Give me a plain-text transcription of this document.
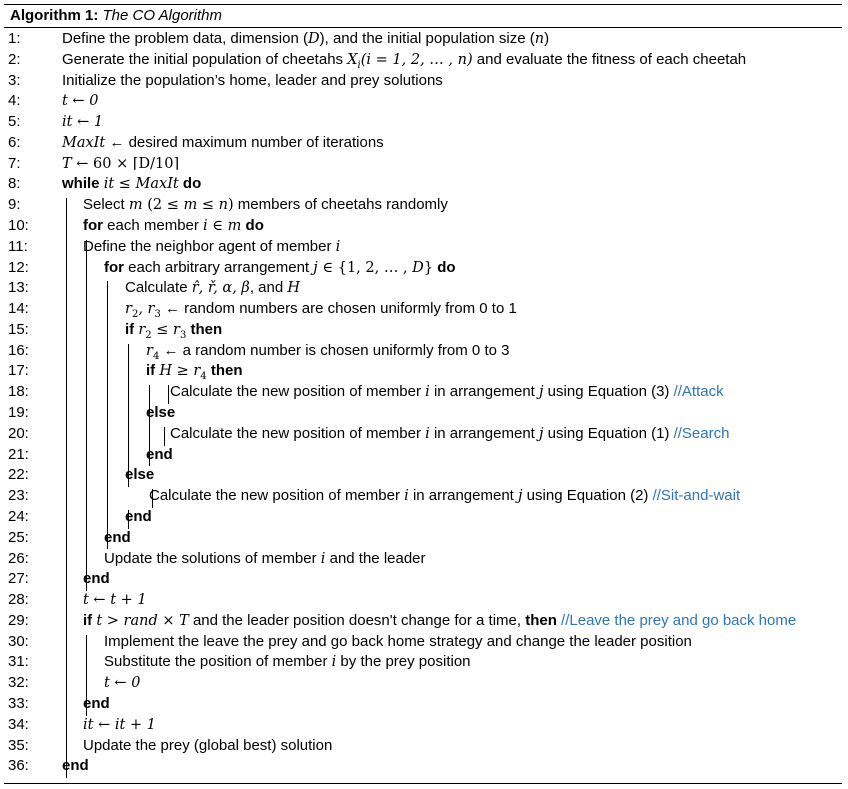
Algorithm 1: The CO Algorithm
1:	Define the problem data, dimension (D), and the initial population size (n)
2:	Generate the initial population of cheetahs $X_i(i = 1$, 2, … , n) and evaluate the fitness of each cheetah
3:	Initialize the population’s home, leader and prey solutions
4:	t ← 0
5:	it ← 1
6:	MaxIt ← desired maximum number of iterations
7:	T ← 60 × ⌈D/10⌉
8:	while it ≤ MaxIt do
9:	Select m (2 ≤ m ≤ n) members of cheetahs randomly
10:	for each member i ∈ m do
11:	Define the neighbor agent of member i
12:	for each arbitrary arrangement j ∈ {1, 2, … , D} do
13:	Calculate r̂, ř, α, β, and H
14:	$r_2$, $r_3$ ← random numbers are chosen uniformly from 0 to 1
15:	if $r_2 \le r_3$ then
16:	$r_4$ ← a random number is chosen uniformly from 0 to 3
17:	if $H \ge r_4$ then
18:	Calculate the new position of member i in arrangement j using Equation (3) //Attack
19:	else
20:	Calculate the new position of member i in arrangement j using Equation (1) //Search
21:	end
22:	else
23:	Calculate the new position of member i in arrangement j using Equation (2) //Sit-and-wait
24:	end
25:	end
26:	Update the solutions of member i and the leader
27:	end
28:	t ← t + 1
29:	if t > rand × T and the leader position doesn't change for a time, then //Leave the prey and go back home
30:	Implement the leave the prey and go back home strategy and change the leader position
31:	Substitute the position of member i by the prey position
32:	t ← 0
33:	end
34:	it ← it + 1
35:	Update the prey (global best) solution
36:	end
